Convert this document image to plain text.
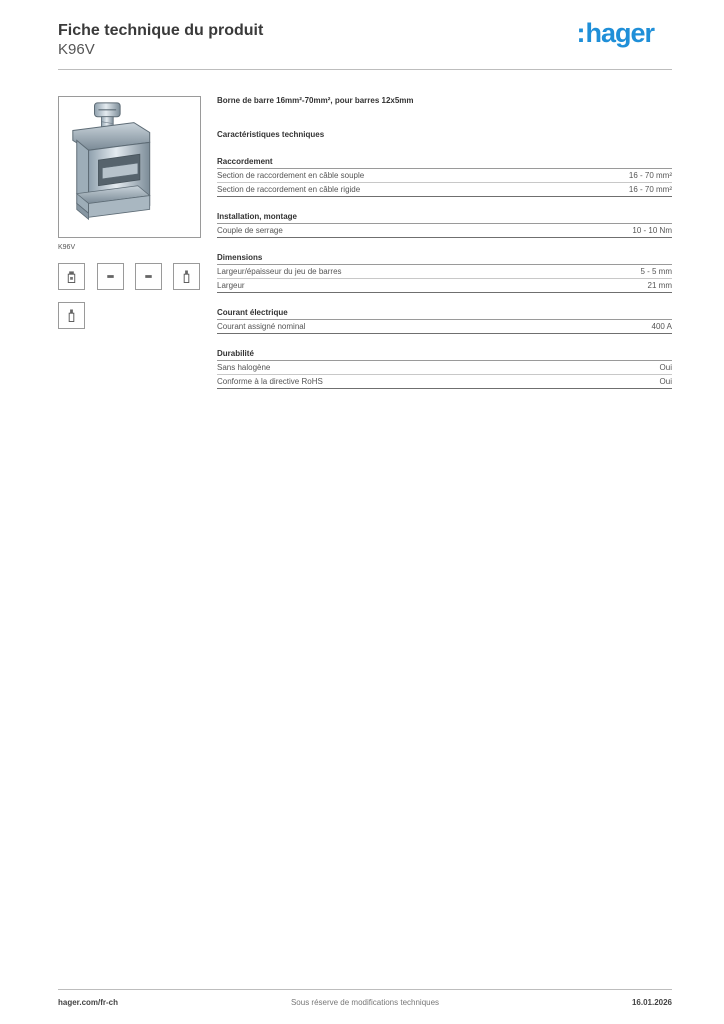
Fiche technique du produit
K96V
:hager
K96V
Borne de barre 16mm²-70mm², pour barres 12x5mm
Caractéristiques techniques
Raccordement
Section de raccordement en câble souple	16 - 70 mm²
Section de raccordement en câble rigide	16 - 70 mm²
Installation, montage
Couple de serrage	10 - 10 Nm
Dimensions
Largeur/épaisseur du jeu de barres	5 - 5 mm
Largeur	21 mm
Courant électrique
Courant assigné nominal	400 A
Durabilité
Sans halogène	Oui
Conforme à la directive RoHS	Oui
hager.com/fr-ch	Sous réserve de modifications techniques	16.01.2026
